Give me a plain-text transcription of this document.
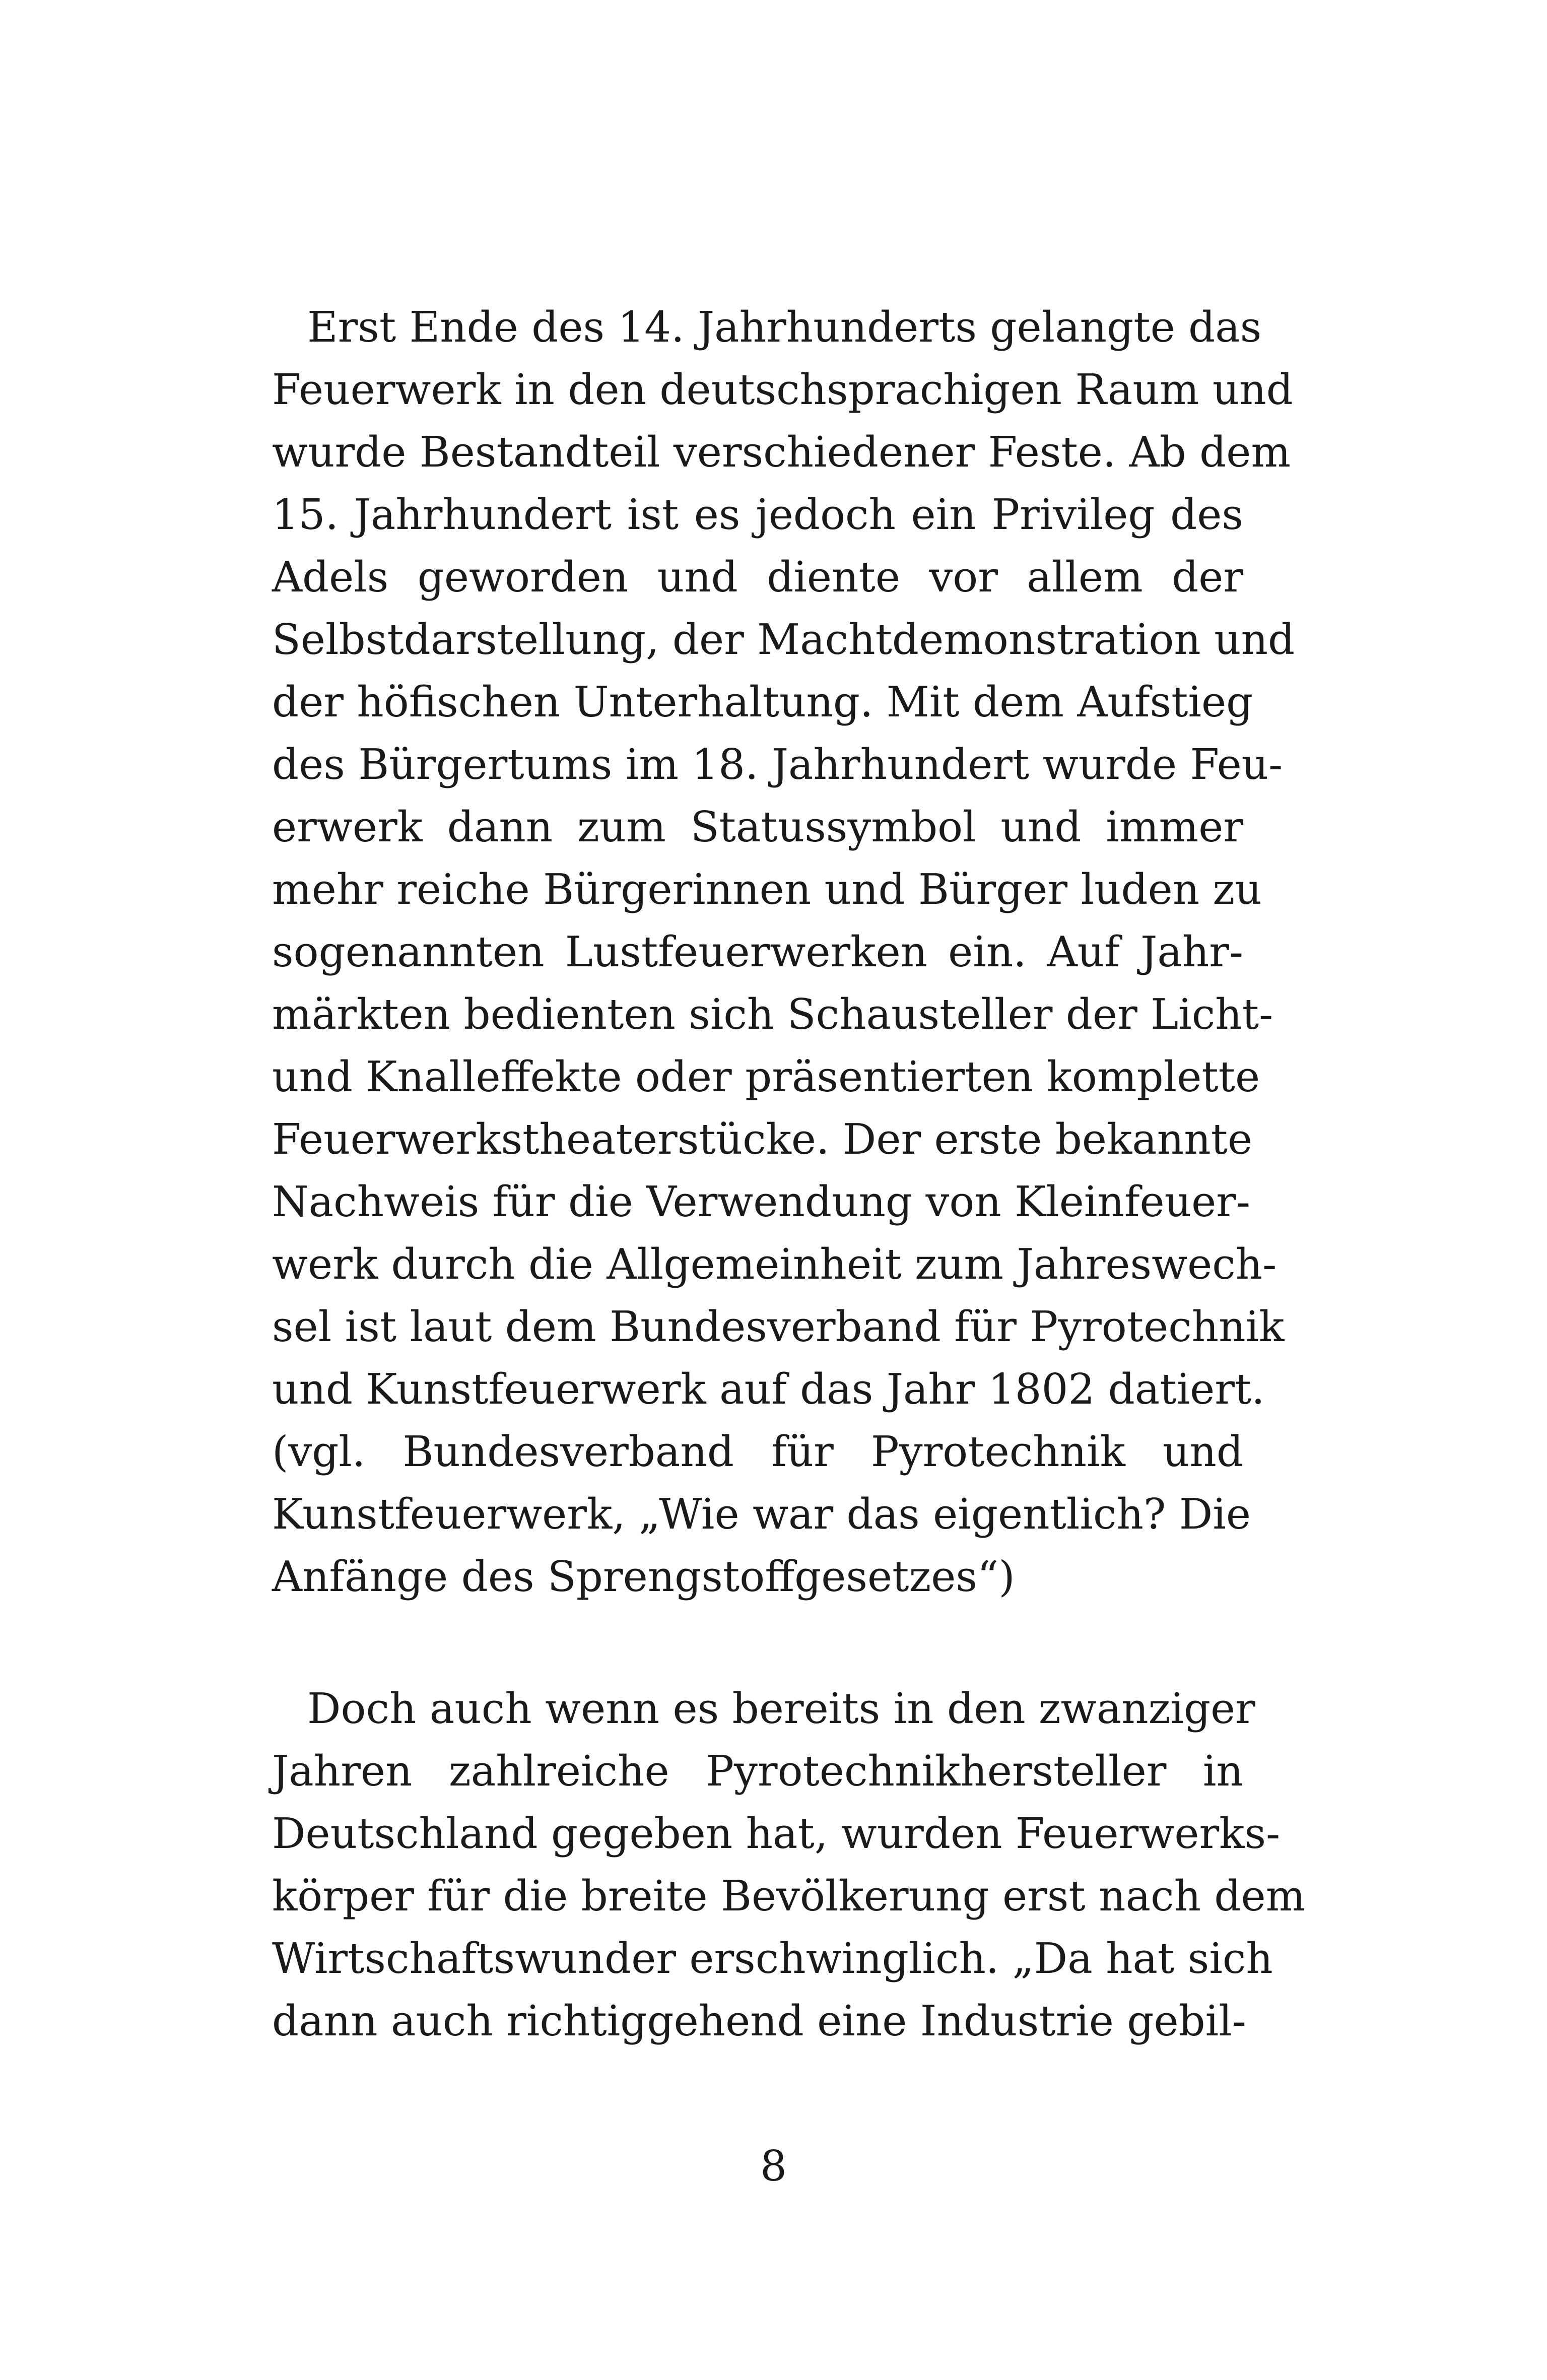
Erst Ende des 14. Jahrhunderts gelangte das
Feuerwerk in den deutschsprachigen Raum und
wurde Bestandteil verschiedener Feste. Ab dem
15. Jahrhundert ist es jedoch ein Privileg des
Adels geworden und diente vor allem der
Selbstdarstellung, der Machtdemonstration und
der höfischen Unterhaltung. Mit dem Aufstieg
des Bürgertums im 18. Jahrhundert wurde Feu-
erwerk dann zum Statussymbol und immer
mehr reiche Bürgerinnen und Bürger luden zu
sogenannten Lustfeuerwerken ein. Auf Jahr-
märkten bedienten sich Schausteller der Licht-
und Knalleffekte oder präsentierten komplette
Feuerwerkstheaterstücke. Der erste bekannte
Nachweis für die Verwendung von Kleinfeuer-
werk durch die Allgemeinheit zum Jahreswech-
sel ist laut dem Bundesverband für Pyrotechnik
und Kunstfeuerwerk auf das Jahr 1802 datiert.
(vgl. Bundesverband für Pyrotechnik und
Kunstfeuerwerk, „Wie war das eigentlich? Die
Anfänge des Sprengstoffgesetzes“)
Doch auch wenn es bereits in den zwanziger
Jahren zahlreiche Pyrotechnikhersteller in
Deutschland gegeben hat, wurden Feuerwerks-
körper für die breite Bevölkerung erst nach dem
Wirtschaftswunder erschwinglich. „Da hat sich
dann auch richtiggehend eine Industrie gebil-
8
